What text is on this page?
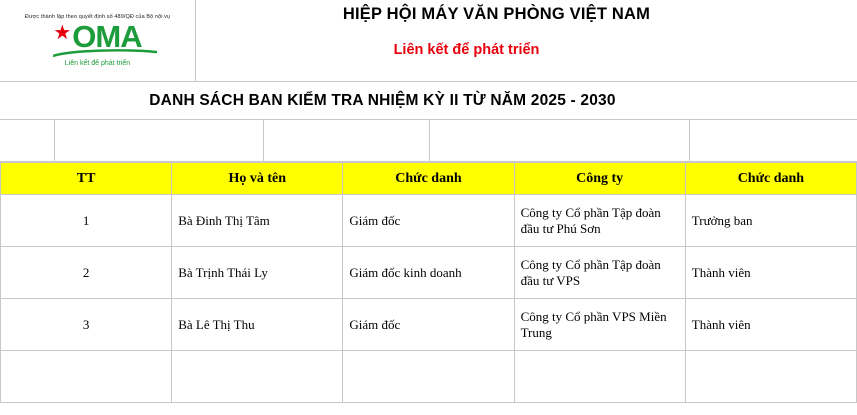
Được thành lập theo quyết định số 489/QĐ của Bộ nội vụ
★ OMA
Liên kết để phát triển
HIỆP HỘI MÁY VĂN PHÒNG VIỆT NAM
Liên kết để phát triển
DANH SÁCH BAN KIỂM TRA NHIỆM KỲ II TỪ NĂM 2025 - 2030
TT	Họ và tên	Chức danh	Công ty	Chức danh
1	Bà Đinh Thị Tâm	Giám đốc	Công ty Cổ phần Tập đoàn đầu tư Phú Sơn	Trưởng ban
2	Bà Trịnh Thái Ly	Giám đốc kinh doanh	Công ty Cổ phần Tập đoàn đầu tư VPS	Thành viên
3	Bà Lê Thị Thu	Giám đốc	Công ty Cổ phần VPS Miền Trung	Thành viên
